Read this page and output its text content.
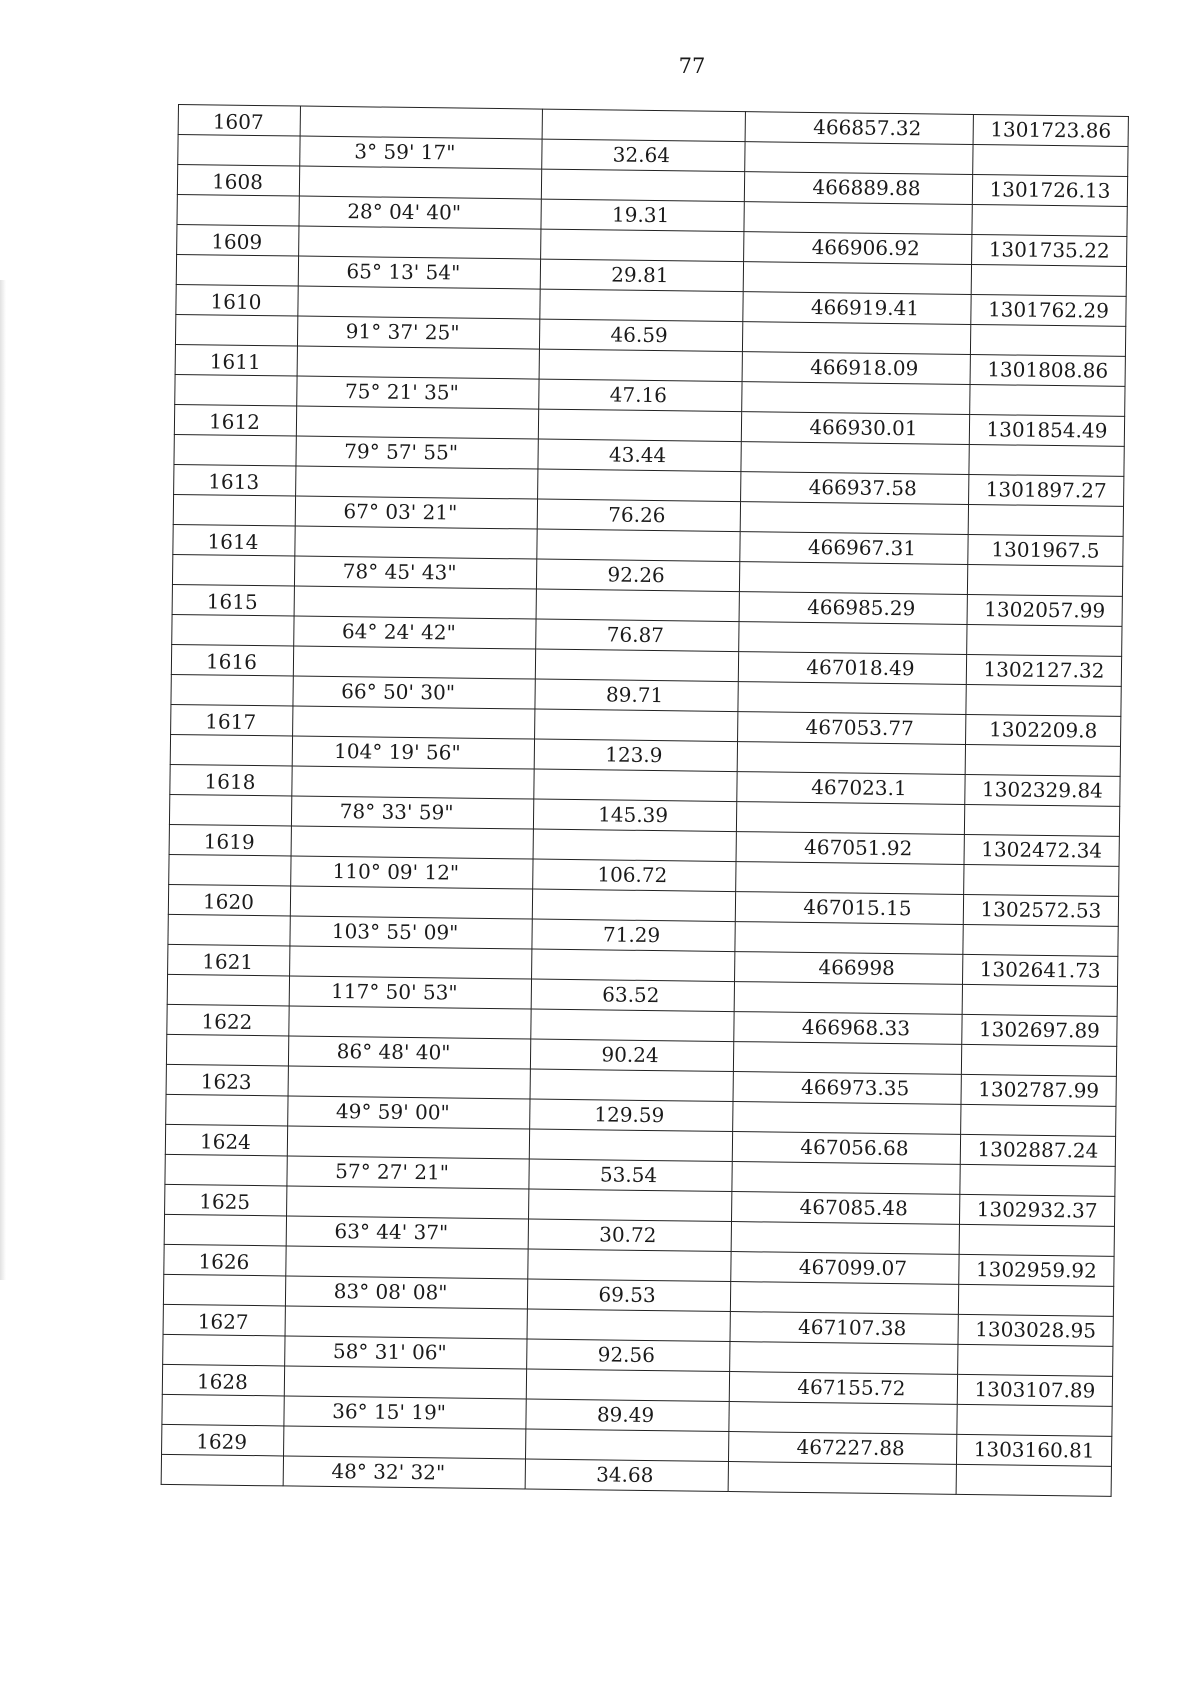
77
1607			466857.32	1301723.86
	3° 59' 17"	32.64		
1608			466889.88	1301726.13
	28° 04' 40"	19.31		
1609			466906.92	1301735.22
	65° 13' 54"	29.81		
1610			466919.41	1301762.29
	91° 37' 25"	46.59		
1611			466918.09	1301808.86
	75° 21' 35"	47.16		
1612			466930.01	1301854.49
	79° 57' 55"	43.44		
1613			466937.58	1301897.27
	67° 03' 21"	76.26		
1614			466967.31	1301967.5
	78° 45' 43"	92.26		
1615			466985.29	1302057.99
	64° 24' 42"	76.87		
1616			467018.49	1302127.32
	66° 50' 30"	89.71		
1617			467053.77	1302209.8
	104° 19' 56"	123.9		
1618			467023.1	1302329.84
	78° 33' 59"	145.39		
1619			467051.92	1302472.34
	110° 09' 12"	106.72		
1620			467015.15	1302572.53
	103° 55' 09"	71.29		
1621			466998	1302641.73
	117° 50' 53"	63.52		
1622			466968.33	1302697.89
	86° 48' 40"	90.24		
1623			466973.35	1302787.99
	49° 59' 00"	129.59		
1624			467056.68	1302887.24
	57° 27' 21"	53.54		
1625			467085.48	1302932.37
	63° 44' 37"	30.72		
1626			467099.07	1302959.92
	83° 08' 08"	69.53		
1627			467107.38	1303028.95
	58° 31' 06"	92.56		
1628			467155.72	1303107.89
	36° 15' 19"	89.49		
1629			467227.88	1303160.81
	48° 32' 32"	34.68		
